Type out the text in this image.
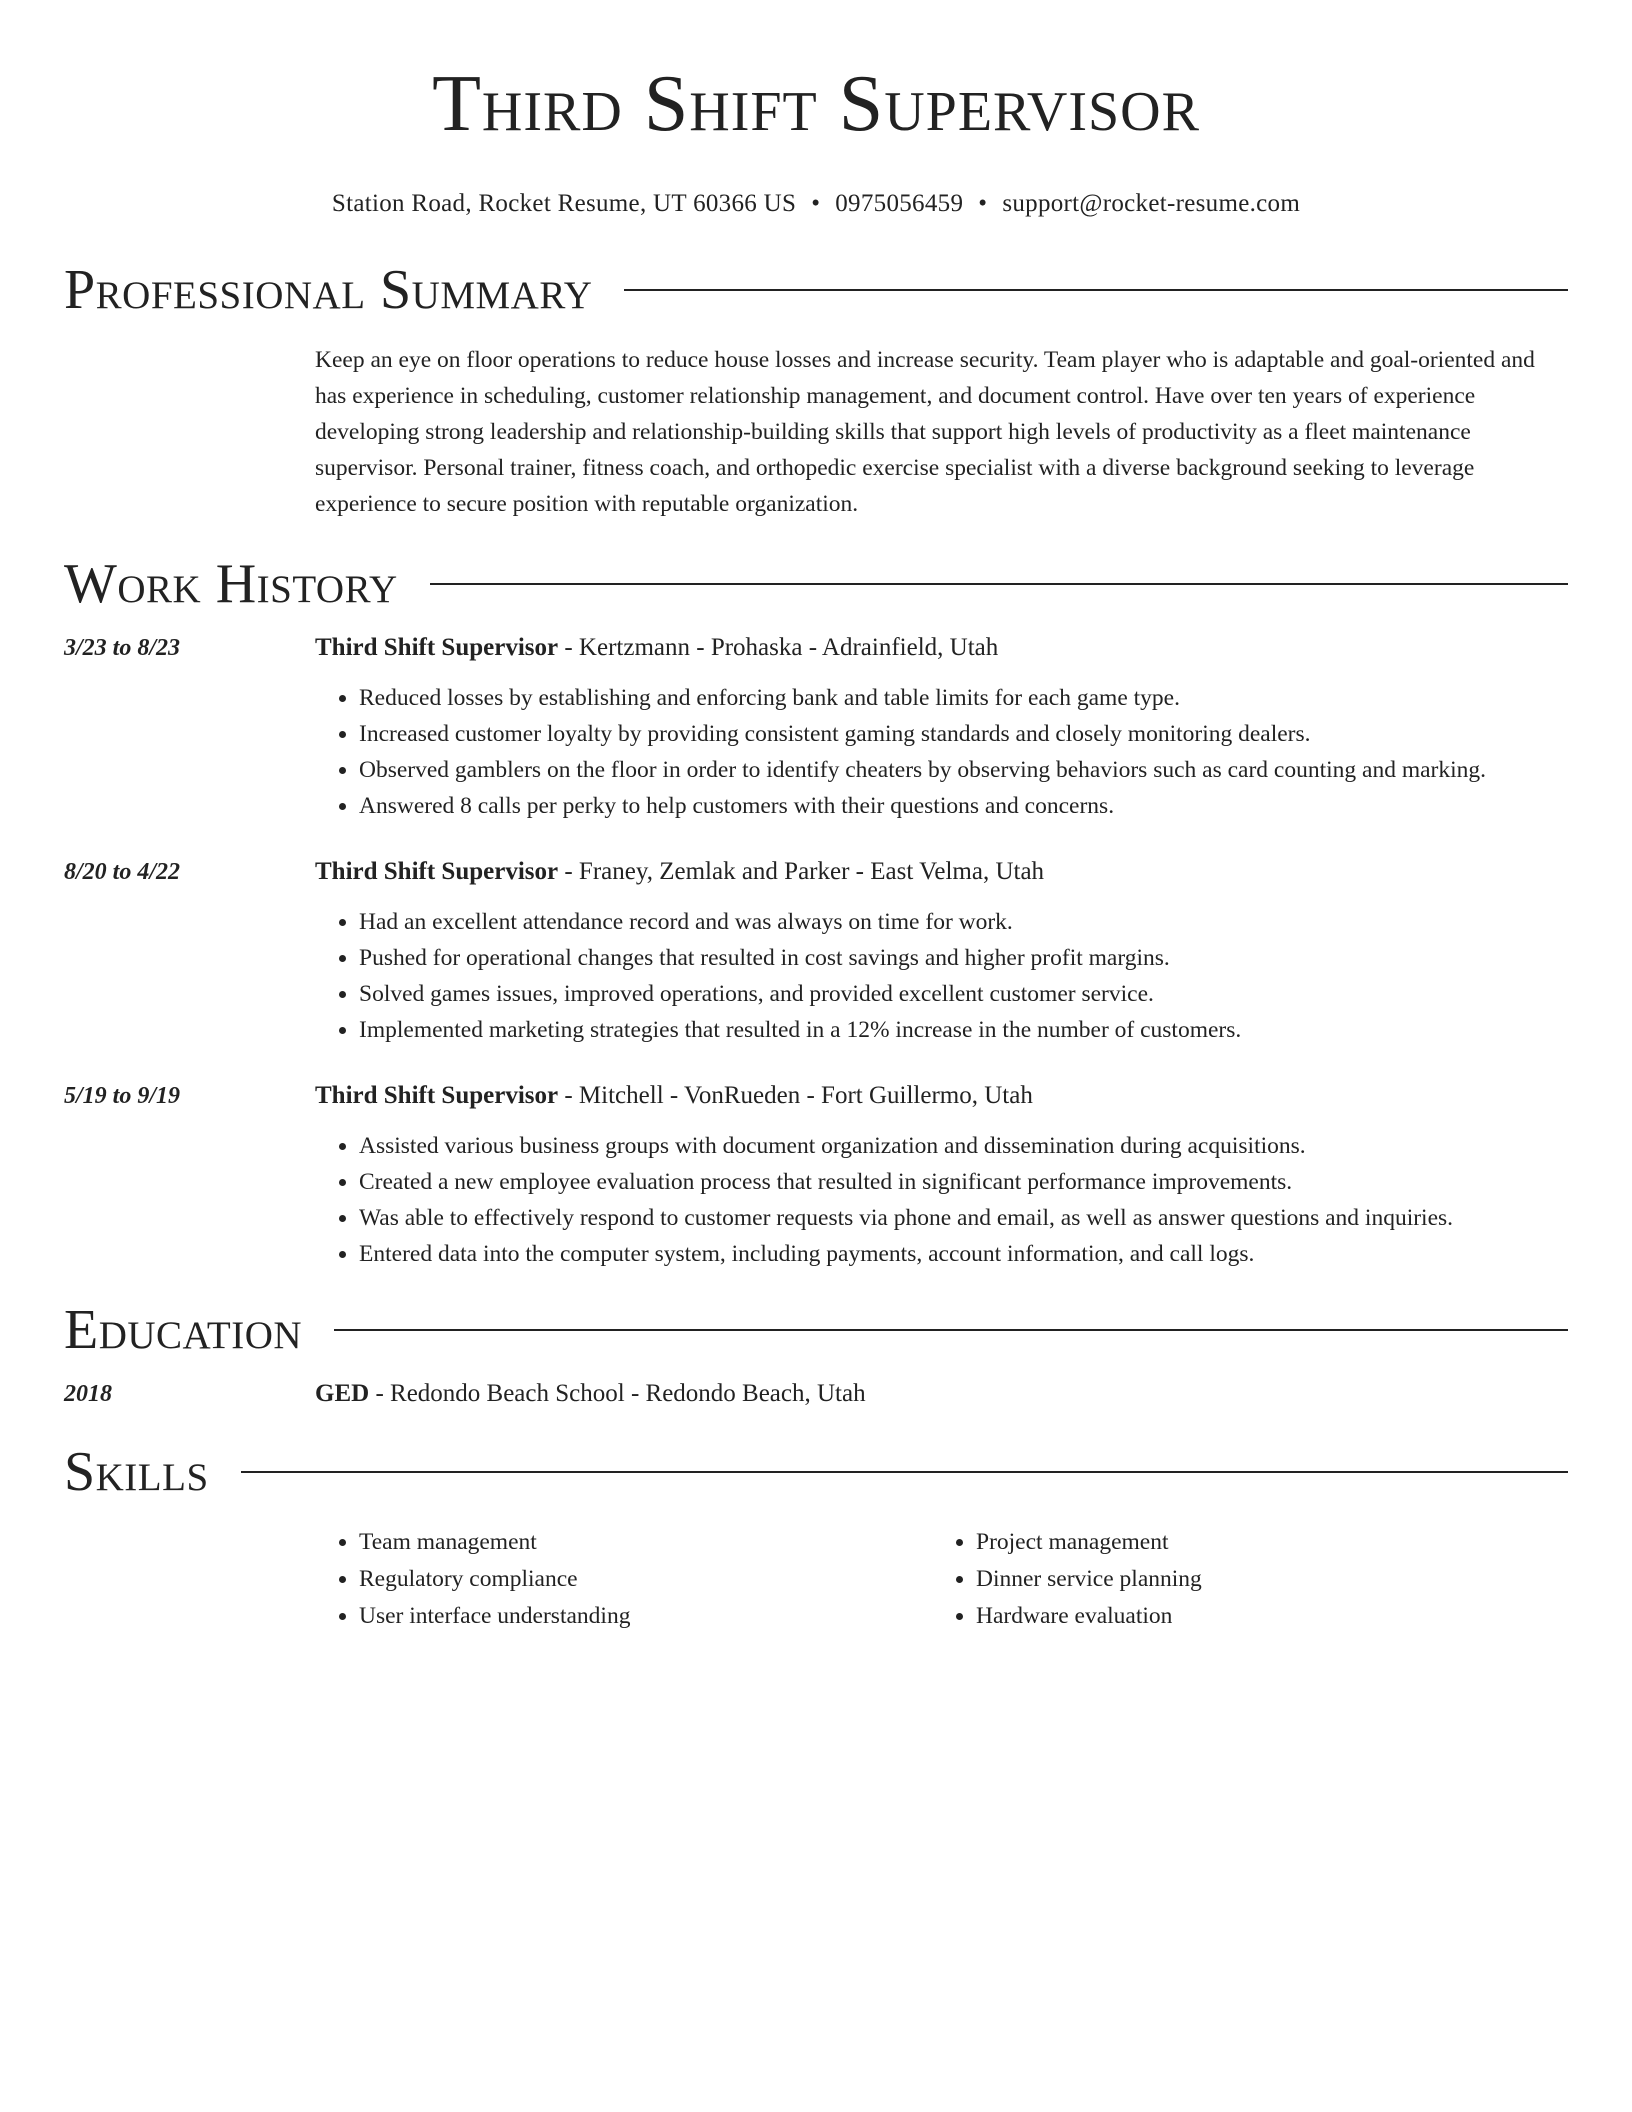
Third Shift Supervisor
Station Road, Rocket Resume, UT 60366 US • 0975056459 • support@rocket-resume.com
Professional Summary
Keep an eye on floor operations to reduce house losses and increase security. Team player who is adaptable and goal-oriented and has experience in scheduling, customer relationship management, and document control. Have over ten years of experience developing strong leadership and relationship-building skills that support high levels of productivity as a fleet maintenance supervisor. Personal trainer, fitness coach, and orthopedic exercise specialist with a diverse background seeking to leverage experience to secure position with reputable organization.
Work History
3/23 to 8/23	Third Shift Supervisor - Kertzmann - Prohaska - Adrainfield, Utah
• Reduced losses by establishing and enforcing bank and table limits for each game type.
• Increased customer loyalty by providing consistent gaming standards and closely monitoring dealers.
• Observed gamblers on the floor in order to identify cheaters by observing behaviors such as card counting and marking.
• Answered 8 calls per perky to help customers with their questions and concerns.
8/20 to 4/22	Third Shift Supervisor - Franey, Zemlak and Parker - East Velma, Utah
• Had an excellent attendance record and was always on time for work.
• Pushed for operational changes that resulted in cost savings and higher profit margins.
• Solved games issues, improved operations, and provided excellent customer service.
• Implemented marketing strategies that resulted in a 12% increase in the number of customers.
5/19 to 9/19	Third Shift Supervisor - Mitchell - VonRueden - Fort Guillermo, Utah
• Assisted various business groups with document organization and dissemination during acquisitions.
• Created a new employee evaluation process that resulted in significant performance improvements.
• Was able to effectively respond to customer requests via phone and email, as well as answer questions and inquiries.
• Entered data into the computer system, including payments, account information, and call logs.
Education
2018	GED - Redondo Beach School - Redondo Beach, Utah
Skills
• Team management
• Regulatory compliance
• User interface understanding
• Project management
• Dinner service planning
• Hardware evaluation
